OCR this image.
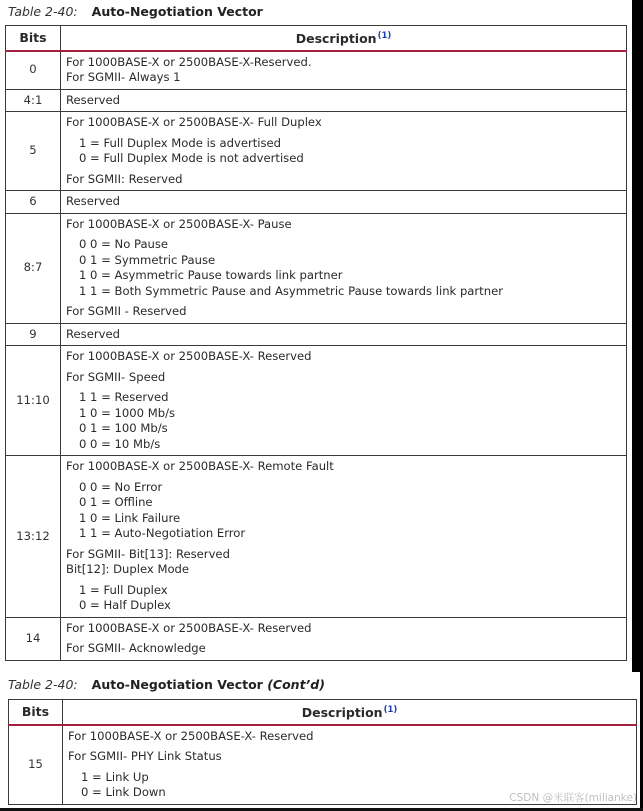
Table 2-40: Auto-Negotiation Vector
Bits	Description$^{(1)}$
0	For 1000BASE-X or 2500BASE-X-Reserved.
For SGMII- Always 1

4:1	Reserved

5	For 1000BASE-X or 2500BASE-X- Full Duplex
1 = Full Duplex Mode is advertised
0 = Full Duplex Mode is not advertised
For SGMII: Reserved

6	Reserved

8:7	
For 1000BASE-X or 2500BASE-X- Pause
0 0 = No Pause
0 1 = Symmetric Pause
1 0 = Asymmetric Pause towards link partner
1 1 = Both Symmetric Pause and Asymmetric Pause towards link partner
For SGMII - Reserved

9	Reserved

11:10	
For 1000BASE-X or 2500BASE-X- Reserved
For SGMII- Speed
1 1 = Reserved
1 0 = 1000 Mb/s
0 1 = 100 Mb/s
0 0 = 10 Mb/s

13:12	
For 1000BASE-X or 2500BASE-X- Remote Fault
0 0 = No Error
0 1 = Offline
1 0 = Link Failure
1 1 = Auto-Negotiation Error
For SGMII- Bit[13]: Reserved
Bit[12]: Duplex Mode
1 = Full Duplex
0 = Half Duplex

14	For 1000BASE-X or 2500BASE-X- Reserved
For SGMII- Acknowledge
Table 2-40: Auto-Negotiation Vector (Cont’d)
Bits	Description$^{(1)}$
15	For 1000BASE-X or 2500BASE-X- Reserved
For SGMII- PHY Link Status
1 = Link Up
0 = Link Down	CSDN @米联客(milianke)
